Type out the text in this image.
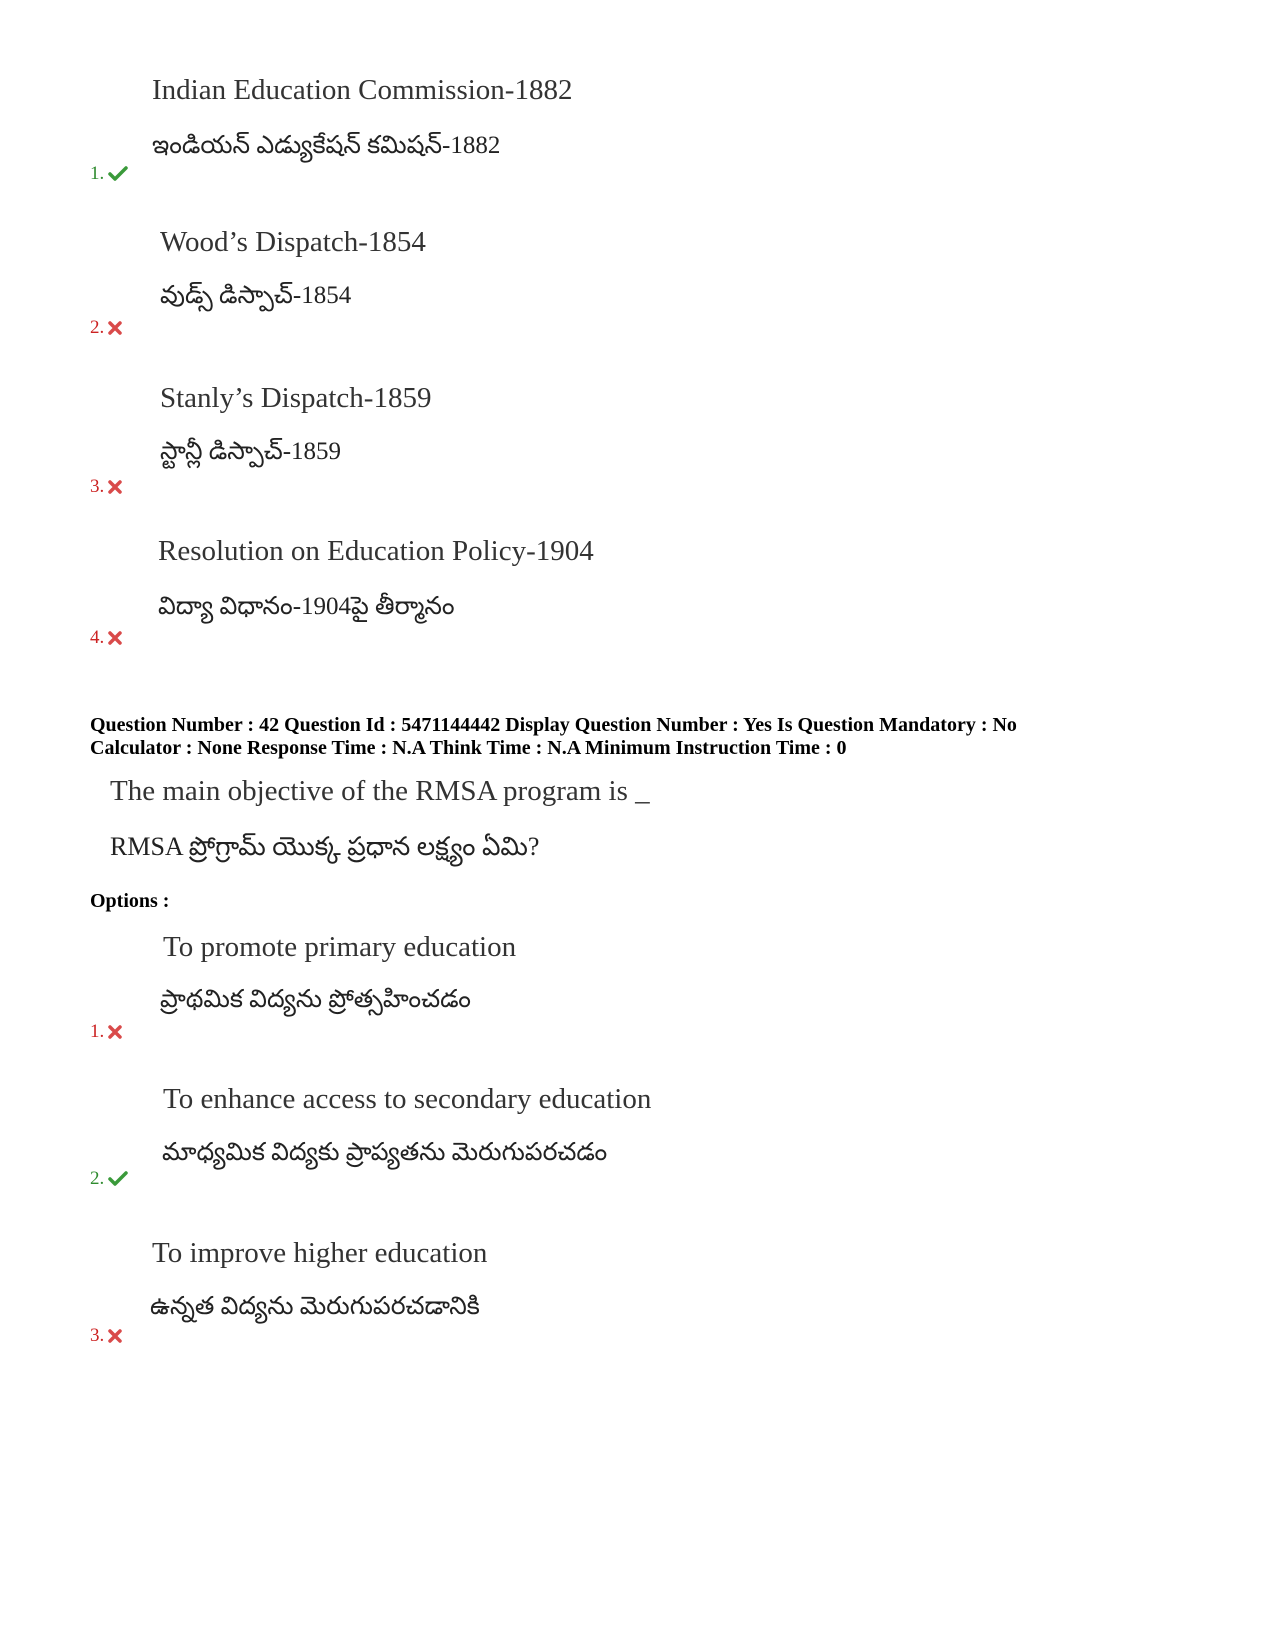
Indian Education Commission-1882
ఇండియన్ ఎడ్యుకేషన్ కమిషన్-1882
1.
Wood’s Dispatch-1854
వుడ్స్ డిస్పాచ్-1854
2.
Stanly’s Dispatch-1859
స్టాన్లీ డిస్పాచ్-1859
3.
Resolution on Education Policy-1904
విద్యా విధానం-1904పై తీర్మానం
4.
Question Number : 42 Question Id : 5471144442 Display Question Number : Yes Is Question Mandatory : No
Calculator : None Response Time : N.A Think Time : N.A Minimum Instruction Time : 0
The main objective of the RMSA program is _
RMSA ప్రోగ్రామ్ యొక్క ప్రధాన లక్ష్యం ఏమి?
Options :
To promote primary education
ప్రాథమిక విద్యను ప్రోత్సహించడం
1.
To enhance access to secondary education
మాధ్యమిక విద్యకు ప్రాప్యతను మెరుగుపరచడం
2.
To improve higher education
ఉన్నత విద్యను మెరుగుపరచడానికి
3.
